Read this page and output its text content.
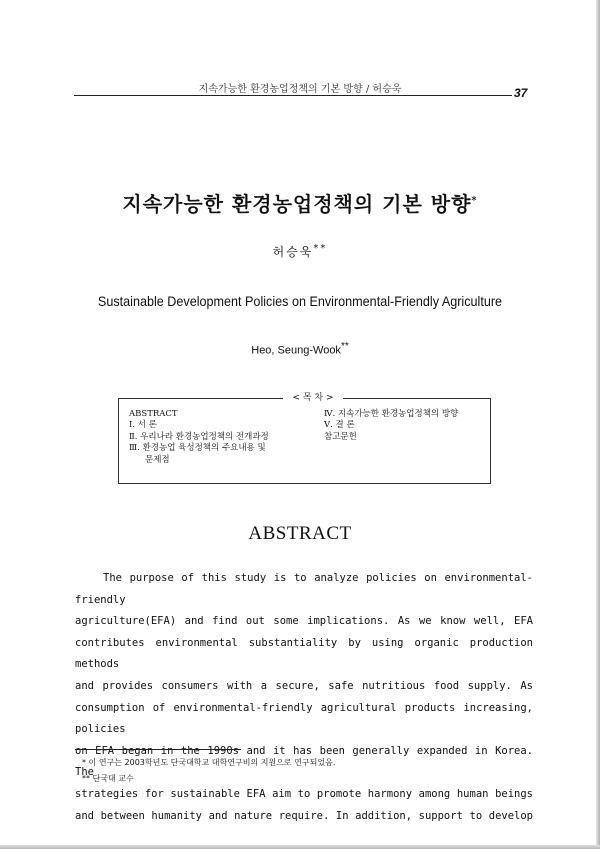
지속가능한 환경농업정책의 기본 방향 / 허승욱	37
지속가능한 환경농업정책의 기본 방향*
허승욱**
Sustainable Development Policies on Environmental-Friendly Agriculture
Heo, Seung-Wook**
< 목 차 >
ABSTRACT
Ⅰ. 서 론
Ⅱ. 우리나라 환경농업정책의 전개과정
Ⅲ. 환경농업 육성정책의 주요내용 및
문제점
Ⅳ. 지속가능한 환경농업정책의 방향
Ⅴ. 결 론
참고문헌
ABSTRACT

The purpose of this study is to analyze policies on environmental-friendly
agriculture(EFA) and find out some implications. As we know well, EFA
contributes environmental substantiality by using organic production methods
and provides consumers with a secure, safe nutritious food supply. As
consumption of environmental-friendly agricultural products increasing, policies
on EFA began in the 1990s and it has been generally expanded in Korea. The
strategies for sustainable EFA aim to promote harmony among human beings
and between humanity and nature require. In addition, support to develop

* 이 연구는 2003학년도 단국대학교 대학연구비의 지원으로 연구되었음.
** 단국대 교수
